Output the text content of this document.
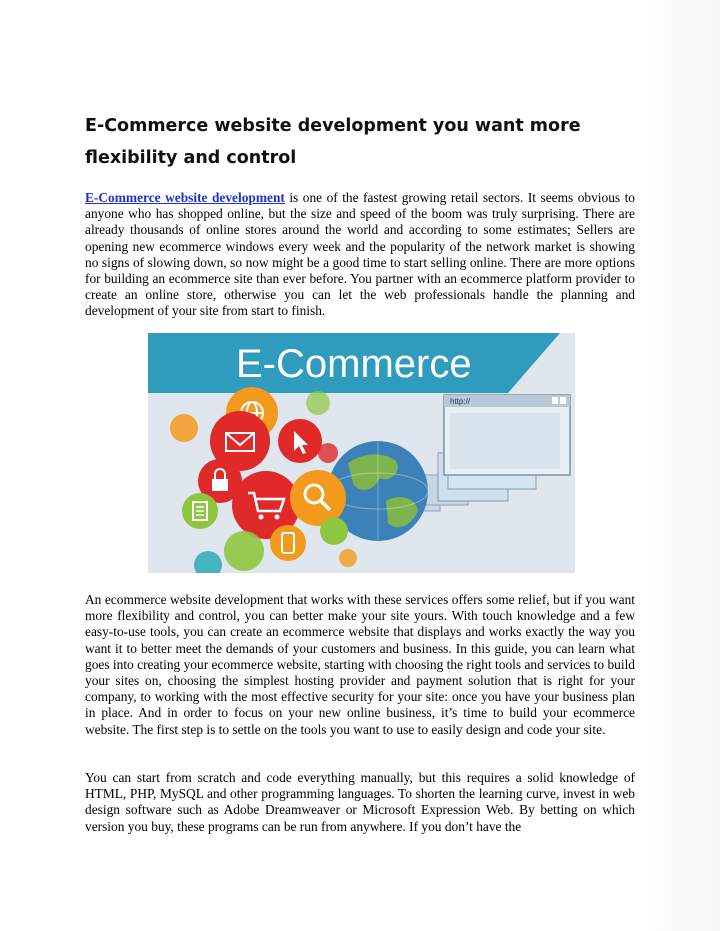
E-Commerce website development you want more flexibility and control

E-Commerce website development is one of the fastest growing retail sectors. It seems obvious to anyone who has shopped online, but the size and speed of the boom was truly surprising. There are already thousands of online stores around the world and according to some estimates; Sellers are opening new ecommerce windows every week and the popularity of the network market is showing no signs of slowing down, so now might be a good time to start selling online. There are more options for building an ecommerce site than ever before. You partner with an ecommerce platform provider to create an online store, otherwise you can let the web professionals handle the planning and development of your site from start to finish.

E-Commerce
http://

An ecommerce website development that works with these services offers some relief, but if you want more flexibility and control, you can better make your site yours. With touch knowledge and a few easy-to-use tools, you can create an ecommerce website that displays and works exactly the way you want it to better meet the demands of your customers and business. In this guide, you can learn what goes into creating your ecommerce website, starting with choosing the right tools and services to build your sites on, choosing the simplest hosting provider and payment solution that is right for your company, to working with the most effective security for your site: once you have your business plan in place. And in order to focus on your new online business, it’s time to build your ecommerce website. The first step is to settle on the tools you want to use to easily design and code your site.

You can start from scratch and code everything manually, but this requires a solid knowledge of HTML, PHP, MySQL and other programming languages. To shorten the learning curve, invest in web design software such as Adobe Dreamweaver or Microsoft Expression Web. By betting on which version you buy, these programs can be run from anywhere. If you don’t have the
